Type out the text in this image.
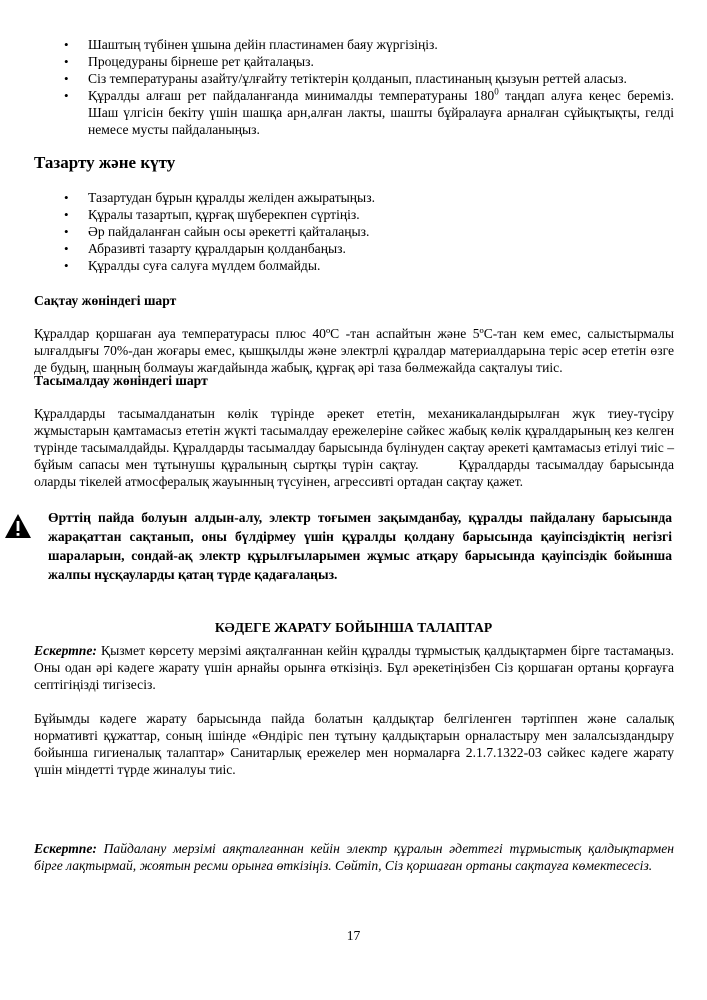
• Шаштың түбінен ұшына дейін пластинамен баяу жүргізіңіз.
• Процедураны бірнеше рет қайталаңыз.
• Сіз температураны азайту/ұлғайту тетіктерін қолданып, пластинаның қызуын реттей аласыз.
• Құралды алғаш рет пайдаланғанда минималды температураны $180^0$ таңдап алуға кеңес береміз. Шаш үлгісін бекіту үшін шашқа арн,алған лакты, шашты бұйралауға арналған сұйықтықты, гелді немесе мусты пайдаланыңыз.
Тазарту және күту
• Тазартудан бұрын құралды желіден ажыратыңыз.
• Құралы тазартып, құрғақ шүберекпен сүртіңіз.
• Әр пайдаланған сайын осы әрекетті қайталаңыз.
• Абразивті тазарту құралдарын қолданбаңыз.
• Құралды суға салуға мүлдем болмайды.
Сақтау жөніндегі шарт

Құралдар қоршаған ауа температурасы плюс 40ºС -тан аспайтын және 5ºС-тан кем емес, салыстырмалы ылғалдығы 70%-дан жоғары емес, қышқылды және электрлі құралдар материалдарына теріс әсер ететін өзге де будың, шаңның болмауы жағдайында жабық, құрғақ әрі таза бөлмежайда сақталуы тиіс.

Тасымалдау жөніндегі шарт

Құралдарды тасымалданатын көлік түрінде әрекет ететін, механикаландырылған жүк тиеу-түсіру жұмыстарын қамтамасыз ететін жүкті тасымалдау ережелеріне сәйкес жабық көлік құралдарының кез келген түрінде тасымалдайды. Құралдарды тасымалдау барысында бүлінуден сақтау әрекеті қамтамасыз етілуі тиіс – бұйым сапасы мен тұтынушы құралының сыртқы түрін сақтау.	Құралдарды тасымалдау барысында оларды тікелей атмосфералық жауынның түсуінен, агрессивті ортадан сақтау қажет.

Өрттің пайда болуын алдын-алу, электр тоғымен зақымданбау, құралды пайдалану барысында жарақаттан сақтанып, оны бүлдірмеу үшін құралды қолдану барысында қауіпсіздіктің негізгі шараларын, сондай-ақ электр құрылғыларымен жұмыс атқару барысында қауіпсіздік бойынша жалпы нұсқауларды қатаң түрде қадағалаңыз.

КӘДЕГЕ ЖАРАТУ БОЙЫНША ТАЛАПТАР

Ескертпе: Қызмет көрсету мерзімі аяқталғаннан кейін құралды тұрмыстық қалдықтармен бірге тастамаңыз. Оны одан әрі кәдеге жарату үшін арнайы орынға өткізіңіз. Бұл әрекетіңізбен Сіз қоршаған ортаны қорғауға септігіңізді тигізесіз.

Бұйымды кәдеге жарату барысында пайда болатын қалдықтар белгіленген тәртіппен және салалық нормативті құжаттар, соның ішінде «Өндіріс пен тұтыну қалдықтарын орналастыру мен залалсыздандыру бойынша гигиеналық талаптар» Санитарлық ережелер мен нормаларға 2.1.7.1322-03 сәйкес кәдеге жарату үшін міндетті түрде жиналуы тиіс.

Ескертпе: Пайдалану мерзімі аяқталғаннан кейін электр құралын әдеттегі тұрмыстық қалдықтармен бірге лақтырмай, жоятын ресми орынға өткізіңіз. Сөйтіп, Сіз қоршаған ортаны сақтауға көмектесесіз.

17
